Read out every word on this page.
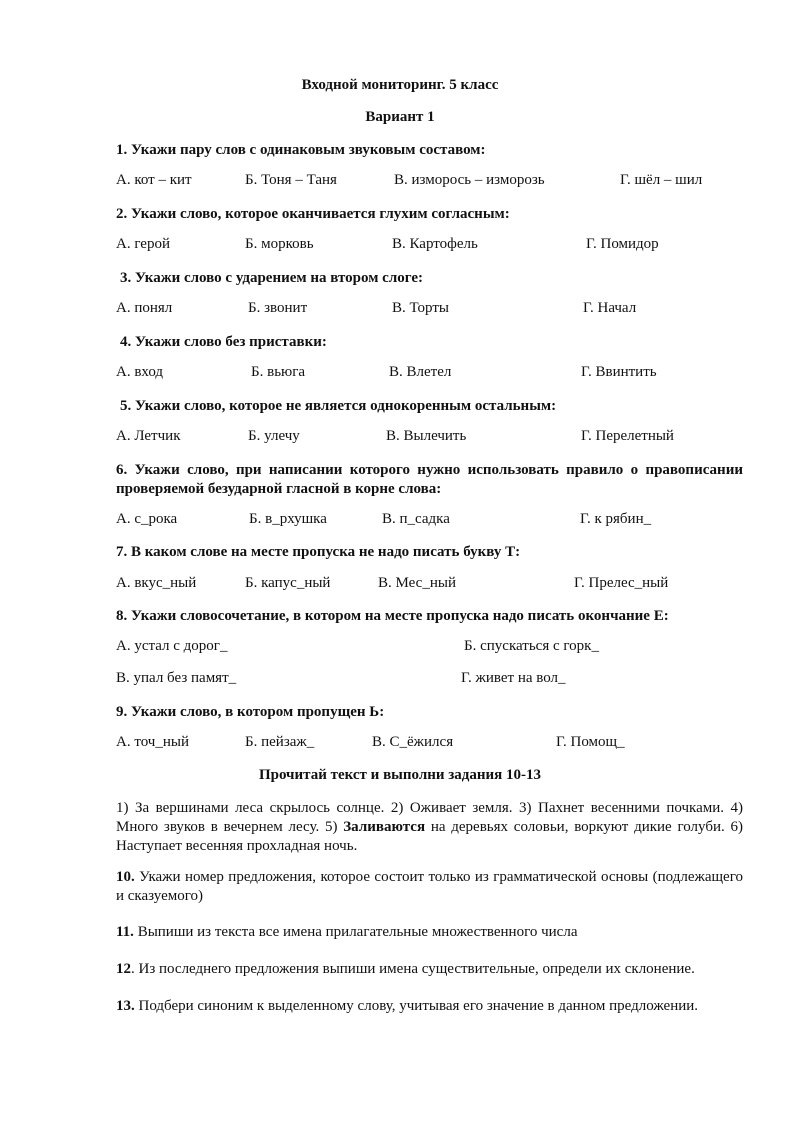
Входной мониторинг. 5 класс
Вариант 1
1. Укажи пару слов с одинаковым звуковым составом:
А. кот – кит	Б. Тоня – Таня	В. изморось – изморозь	Г. шёл – шил
2. Укажи слово, которое оканчивается глухим согласным:
А. герой	Б. морковь	В. Картофель	Г. Помидор
3. Укажи слово с ударением на втором слоге:
А. понял	Б. звонит	В. Торты	Г. Начал
4. Укажи слово без приставки:
А. вход	Б. вьюга	В. Влетел	Г. Ввинтить
5. Укажи слово, которое не является однокоренным остальным:
А. Летчик	Б. улечу	В. Вылечить	Г. Перелетный
6. Укажи слово, при написании которого нужно использовать правило о правописании проверяемой безударной гласной в корне слова:
А. с_рока	Б. в_рхушка	В. п_садка	Г. к рябин_
7. В каком слове на месте пропуска не надо писать букву Т:
А. вкус_ный	Б. капус_ный	В. Мес_ный	Г. Прелес_ный
8. Укажи словосочетание, в котором на месте пропуска надо писать окончание Е:
А. устал с дорог_	Б. спускаться с горк_
В. упал без памят_	Г. живет на вол_
9. Укажи слово, в котором пропущен Ь:
А. точ_ный	Б. пейзаж_	В. С_ёжился	Г. Помощ_
Прочитай текст и выполни задания 10-13
1) За вершинами леса скрылось солнце. 2) Оживает земля. 3) Пахнет весенними почками. 4) Много звуков в вечернем лесу. 5) Заливаются на деревьях соловьи, воркуют дикие голуби. 6) Наступает весенняя прохладная ночь.
10. Укажи номер предложения, которое состоит только из грамматической основы (подлежащего и сказуемого)
11. Выпиши из текста все имена прилагательные множественного числа
12. Из последнего предложения выпиши имена существительные, определи их склонение.
13. Подбери синоним к выделенному слову, учитывая его значение в данном предложении.
